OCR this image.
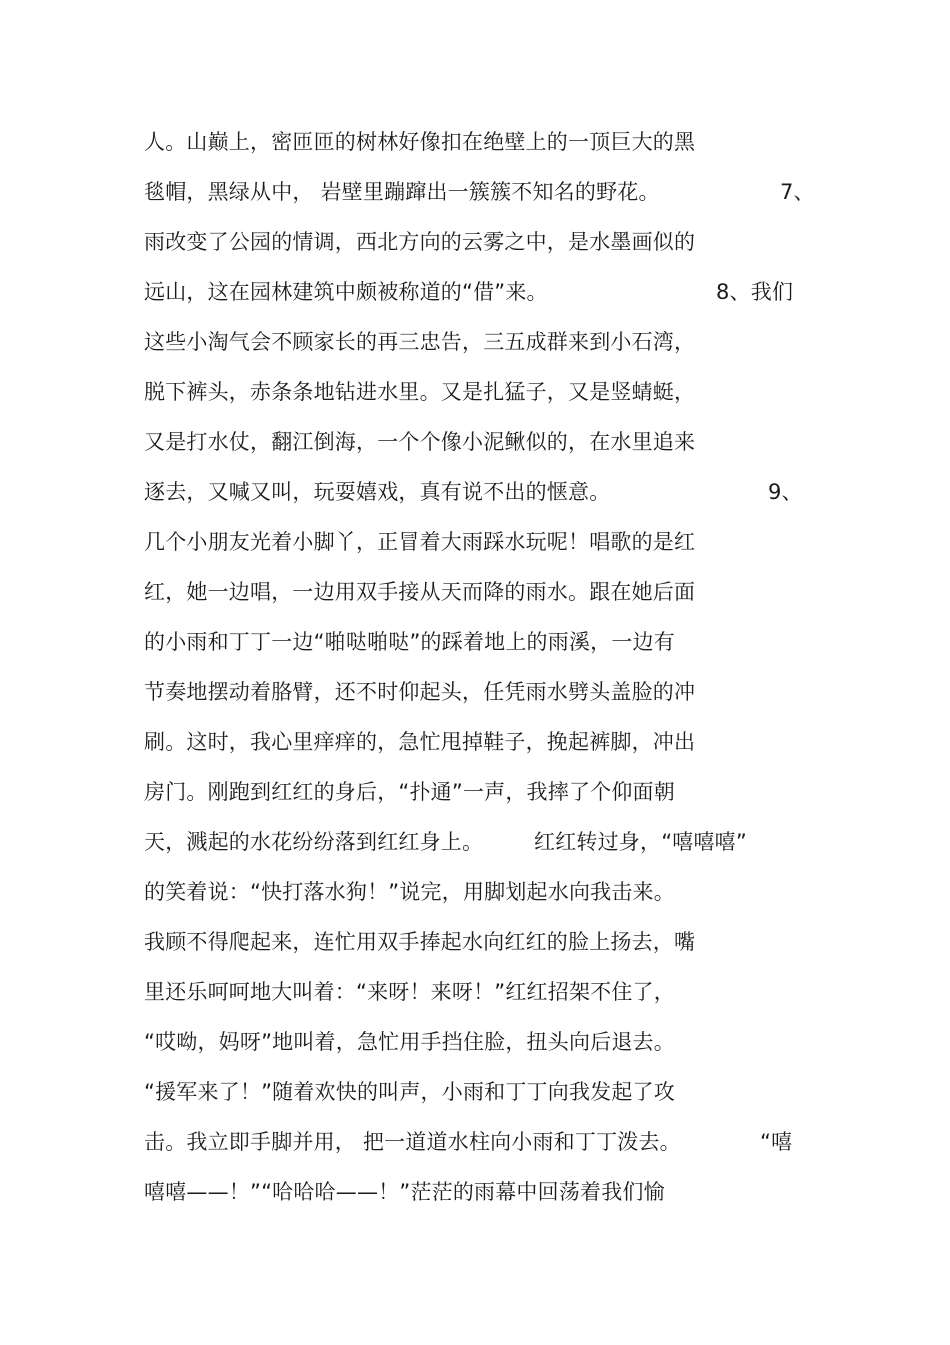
人。山巅上，密匝匝的树林好像扣在绝壁上的一顶巨大的黑

毯帽，黑绿从中， 岩壁里蹦蹿出一簇簇不知名的野花。

	7、

雨改变了公园的情调，西北方向的云雾之中，是水墨画似的

远山，这在园林建筑中颇被称道的“借”来。

	8、我们

这些小淘气会不顾家长的再三忠告，三五成群来到小石湾，

脱下裤头，赤条条地钻进水里。又是扎猛子，又是竖蜻蜓，

又是打水仗，翻江倒海，一个个像小泥鳅似的，在水里追来

逐去，又喊又叫，玩耍嬉戏，真有说不出的惬意。

	9、

几个小朋友光着小脚丫，正冒着大雨踩水玩呢！唱歌的是红

红，她一边唱，一边用双手接从天而降的雨水。跟在她后面

的小雨和丁丁一边“啪哒啪哒”的踩着地上的雨溪，一边有

节奏地摆动着胳臂，还不时仰起头，任凭雨水劈头盖脸的冲

刷。这时，我心里痒痒的，急忙甩掉鞋子，挽起裤脚，冲出

房门。刚跑到红红的身后，“扑通”一声，我摔了个仰面朝

天，溅起的水花纷纷落到红红身上。

红红转过身，“嘻嘻嘻”

的笑着说：“快打落水狗！”说完，用脚划起水向我击来。

我顾不得爬起来，连忙用双手捧起水向红红的脸上扬去，嘴

里还乐呵呵地大叫着：“来呀！来呀！”红红招架不住了，

“哎呦，妈呀”地叫着，急忙用手挡住脸，扭头向后退去。

“援军来了！”随着欢快的叫声，小雨和丁丁向我发起了攻

击。我立即手脚并用， 把一道道水柱向小雨和丁丁泼去。

	“嘻

嘻嘻——！”“哈哈哈——！”茫茫的雨幕中回荡着我们愉
